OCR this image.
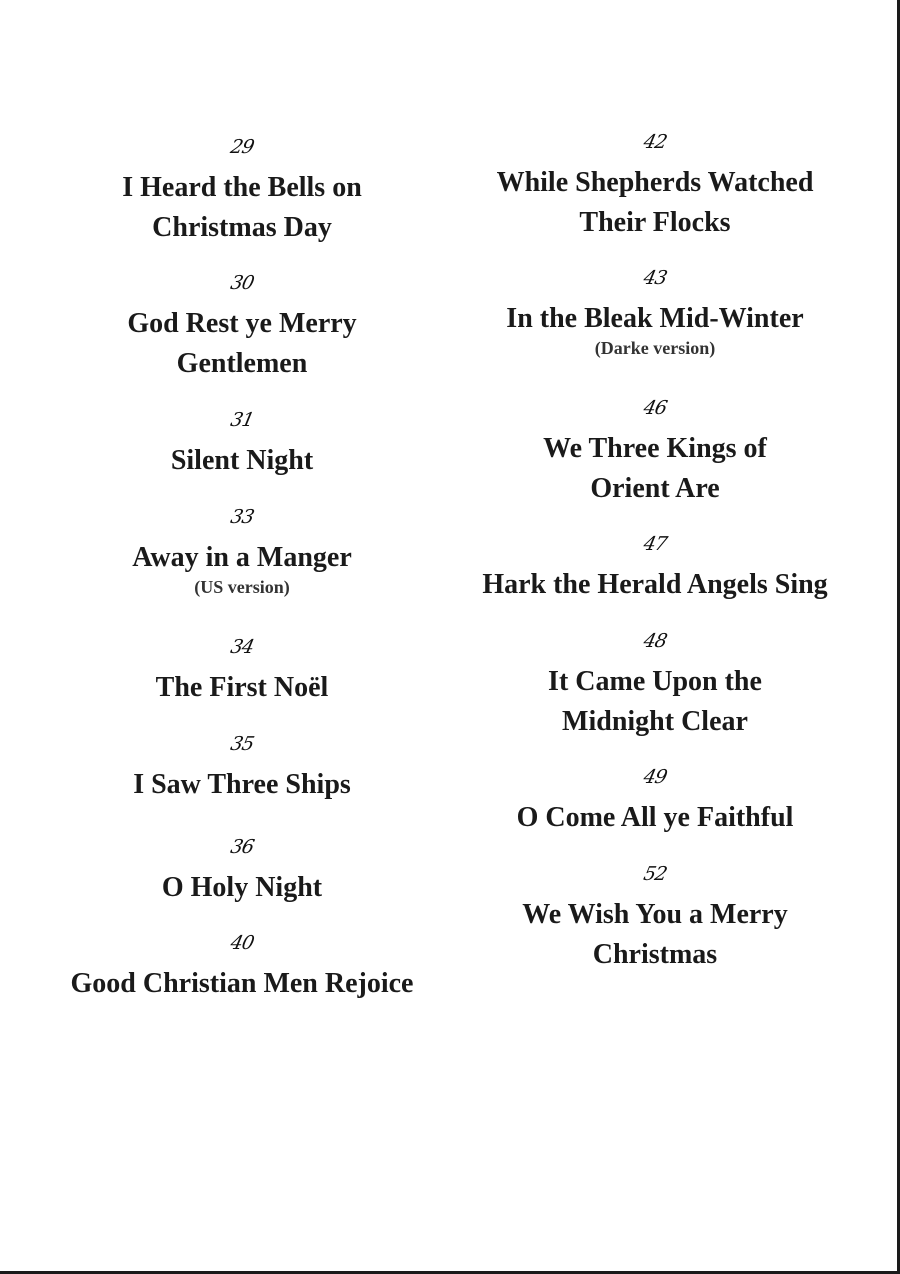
29
I Heard the Bells on
Christmas Day
30
God Rest ye Merry
Gentlemen
31
Silent Night
33
Away in a Manger
(US version)
34
The First Noël
35
I Saw Three Ships
36
O Holy Night
40
Good Christian Men Rejoice
42
While Shepherds Watched
Their Flocks
43
In the Bleak Mid-Winter
(Darke version)
46
We Three Kings of
Orient Are
47
Hark the Herald Angels Sing
48
It Came Upon the
Midnight Clear
49
O Come All ye Faithful
52
We Wish You a Merry
Christmas
